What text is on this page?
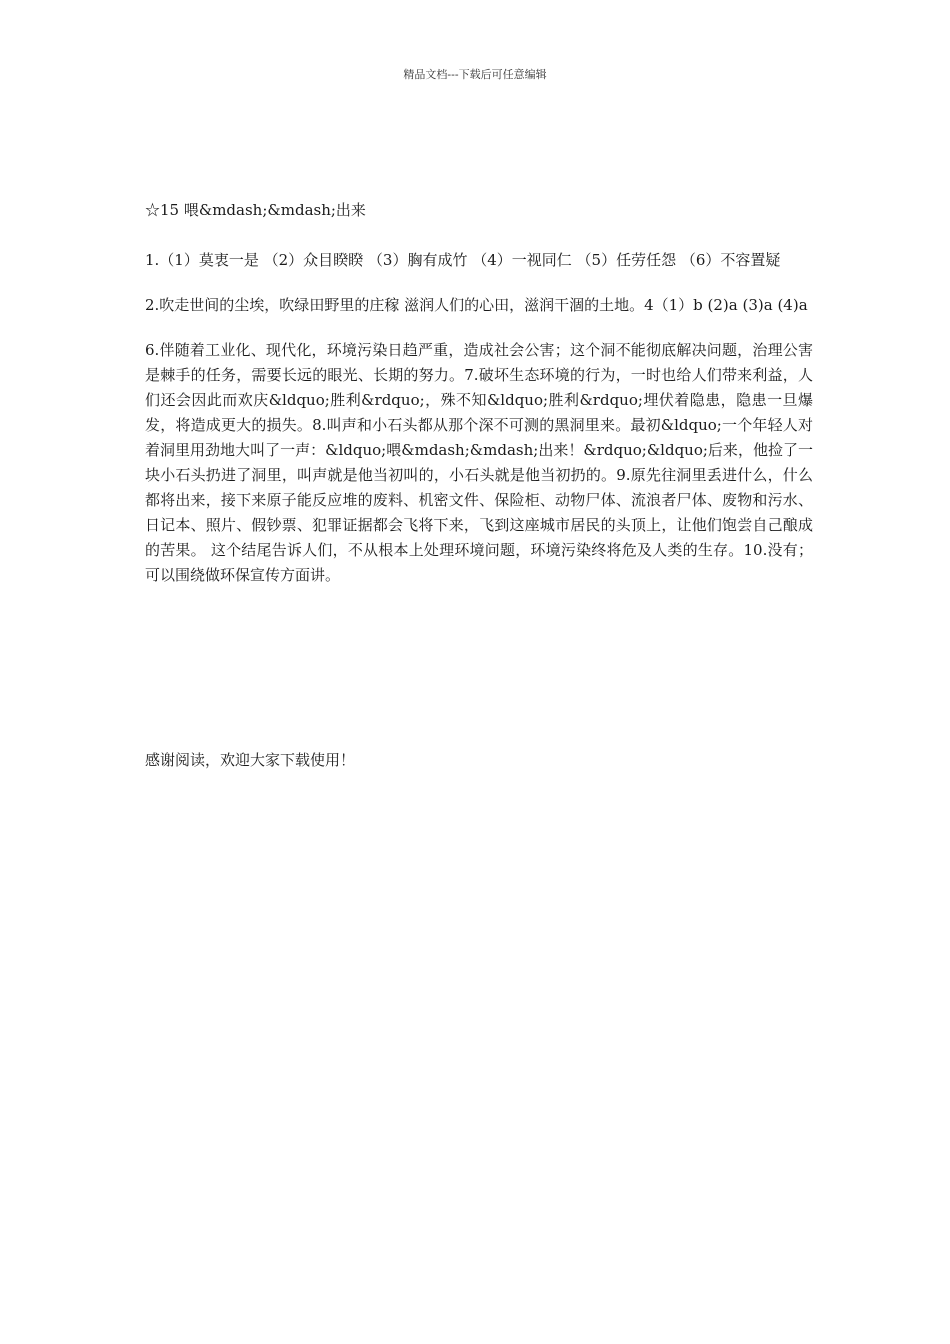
精品文档---下载后可任意编辑

☆15 喂&mdash;&mdash;出来

1.（1）莫衷一是 （2）众目睽睽 （3）胸有成竹 （4）一视同仁 （5）任劳任怨 （6）不容置疑

2.吹走世间的尘埃，吹绿田野里的庄稼 滋润人们的心田，滋润干涸的土地。4（1）b (2)a (3)a (4)a

6.伴随着工业化、现代化，环境污染日趋严重，造成社会公害；这个洞不能彻底解决问题，治理公害是棘手的任务，需要长远的眼光、长期的努力。7.破坏生态环境的行为，一时也给人们带来利益，人们还会因此而欢庆&ldquo;胜利&rdquo;，殊不知&ldquo;胜利&rdquo;埋伏着隐患，隐患一旦爆发，将造成更大的损失。8.叫声和小石头都从那个深不可测的黑洞里来。最初&ldquo;一个年轻人对着洞里用劲地大叫了一声：&ldquo;喂&mdash;&mdash;出来！&rdquo;&ldquo;后来，他捡了一块小石头扔进了洞里，叫声就是他当初叫的，小石头就是他当初扔的。9.原先往洞里丢进什么，什么都将出来，接下来原子能反应堆的废料、机密文件、保险柜、动物尸体、流浪者尸体、废物和污水、日记本、照片、假钞票、犯罪证据都会飞将下来，飞到这座城市居民的头顶上，让他们饱尝自己酿成的苦果。 这个结尾告诉人们，不从根本上处理环境问题，环境污染终将危及人类的生存。10.没有；可以围绕做环保宣传方面讲。

感谢阅读，欢迎大家下载使用！
